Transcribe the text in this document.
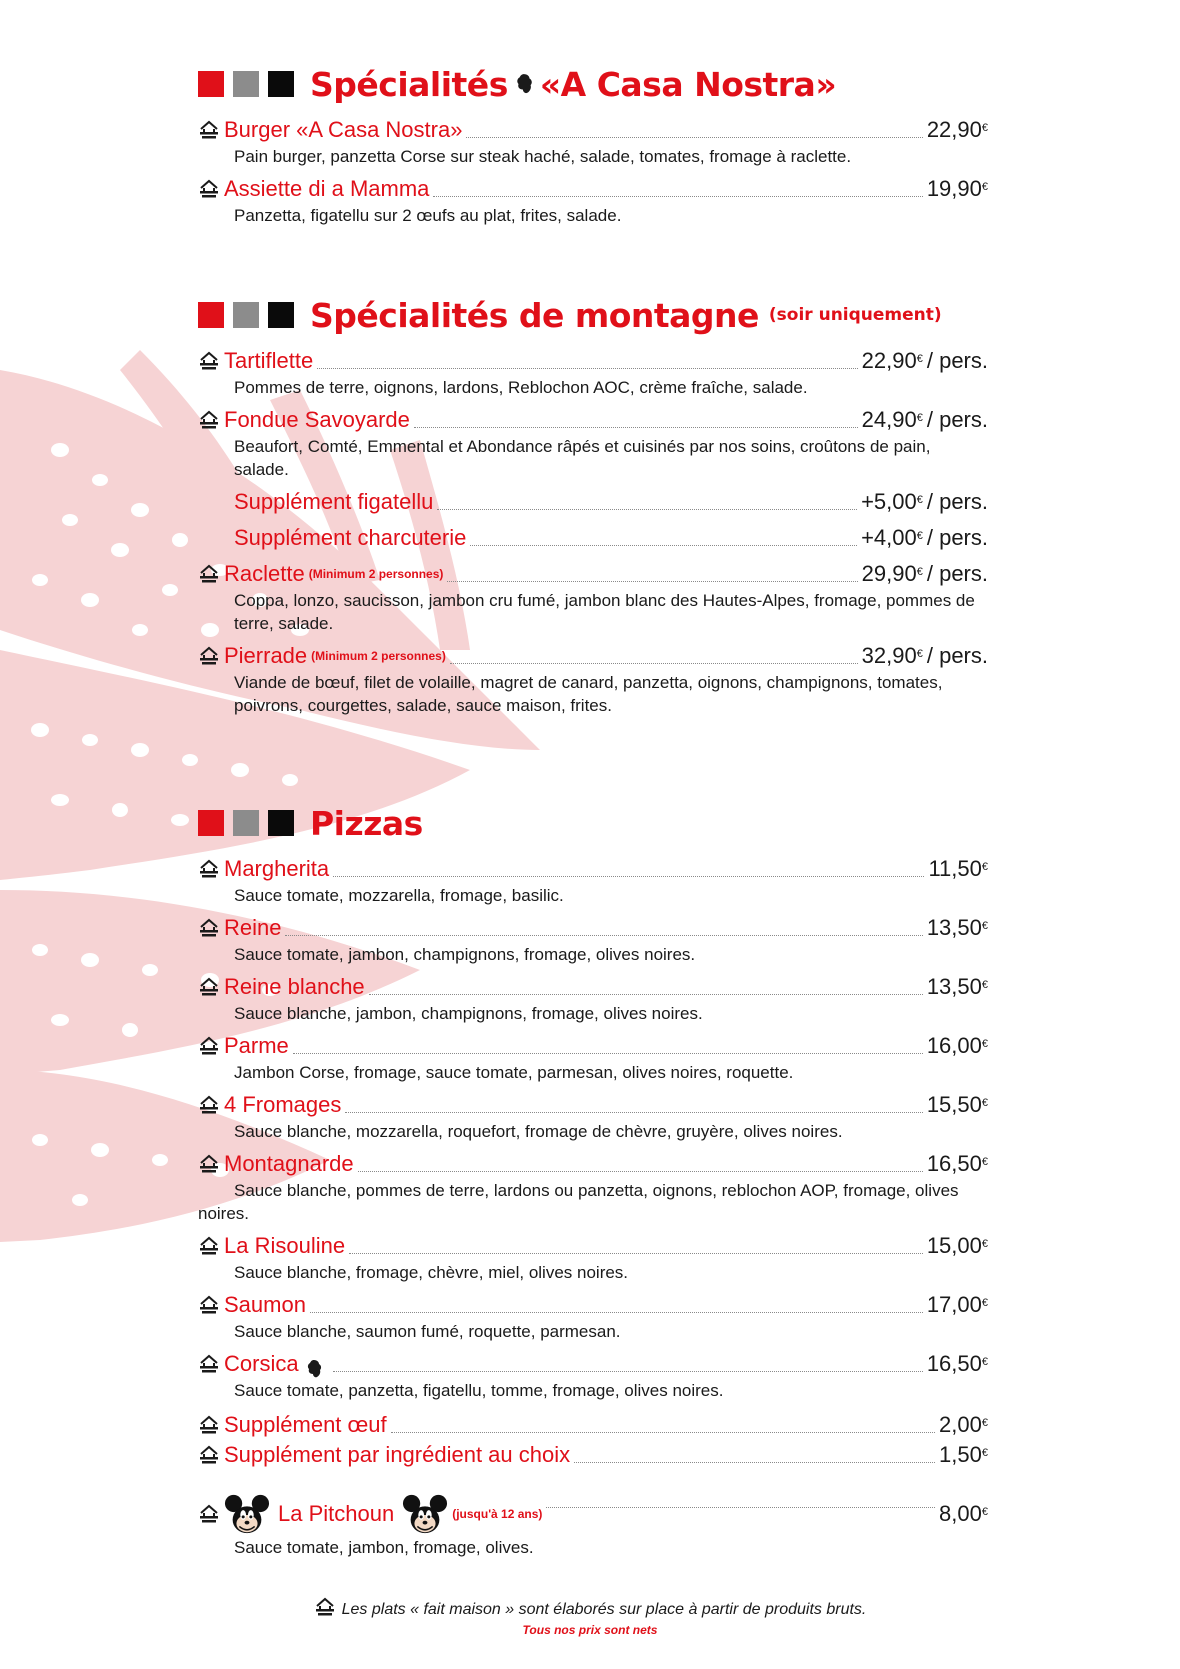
Spécialités «A Casa Nostra»
Burger «A Casa Nostra»	22,90€
Pain burger, panzetta Corse sur steak haché, salade, tomates, fromage à raclette.
Assiette di a Mamma	19,90€
Panzetta, figatellu sur 2 œufs au plat, frites, salade.
Spécialités de montagne (soir uniquement)
Tartiflette	22,90€ / pers.
Pommes de terre, oignons, lardons, Reblochon AOC, crème fraîche, salade.
Fondue Savoyarde	24,90€ / pers.
Beaufort, Comté, Emmental et Abondance râpés et cuisinés par nos soins, croûtons de pain, salade.
Supplément figatellu	+5,00€ / pers.
Supplément charcuterie	+4,00€ / pers.
Raclette (Minimum 2 personnes)	29,90€ / pers.
Coppa, lonzo, saucisson, jambon cru fumé, jambon blanc des Hautes-Alpes, fromage, pommes de terre, salade.
Pierrade (Minimum 2 personnes)	32,90€ / pers.
Viande de bœuf, filet de volaille, magret de canard, panzetta, oignons, champignons, tomates, poivrons, courgettes, salade, sauce maison, frites.
Pizzas
Margherita	11,50€
Sauce tomate, mozzarella, fromage, basilic.
Reine	13,50€
Sauce tomate, jambon, champignons, fromage, olives noires.
Reine blanche	13,50€
Sauce blanche, jambon, champignons, fromage, olives noires.
Parme	16,00€
Jambon Corse, fromage, sauce tomate, parmesan, olives noires, roquette.
4 Fromages	15,50€
Sauce blanche, mozzarella, roquefort, fromage de chèvre, gruyère, olives noires.
Montagnarde	16,50€
Sauce blanche, pommes de terre, lardons ou panzetta, oignons, reblochon AOP, fromage, olives noires.
La Risouline	15,00€
Sauce blanche, fromage, chèvre, miel, olives noires.
Saumon	17,00€
Sauce blanche, saumon fumé, roquette, parmesan.
Corsica	16,50€
Sauce tomate, panzetta, figatellu, tomme, fromage, olives noires.
Supplément œuf	2,00€
Supplément par ingrédient au choix	1,50€
La Pitchoun	(jusqu'à 12 ans)	8,00€
Sauce tomate, jambon, fromage, olives.
Les plats « fait maison » sont élaborés sur place à partir de produits bruts.
Tous nos prix sont nets
